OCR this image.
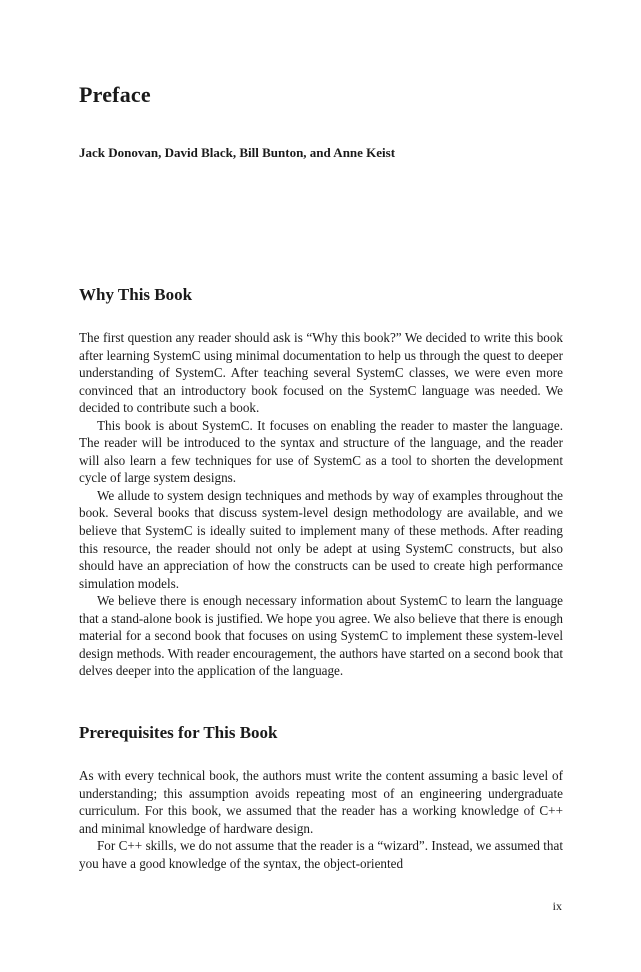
Preface

Jack Donovan, David Black, Bill Bunton, and Anne Keist

Why This Book

The first question any reader should ask is “Why this book?” We decided to write this book after learning SystemC using minimal documentation to help us through the quest to deeper understanding of SystemC. After teaching several SystemC classes, we were even more convinced that an introductory book focused on the SystemC language was needed. We decided to contribute such a book.

This book is about SystemC. It focuses on enabling the reader to master the language. The reader will be introduced to the syntax and structure of the language, and the reader will also learn a few techniques for use of SystemC as a tool to shorten the development cycle of large system designs.

We allude to system design techniques and methods by way of examples throughout the book. Several books that discuss system-level design methodology are available, and we believe that SystemC is ideally suited to implement many of these methods. After reading this resource, the reader should not only be adept at using SystemC constructs, but also should have an appreciation of how the constructs can be used to create high performance simulation models.

We believe there is enough necessary information about SystemC to learn the language that a stand-alone book is justified. We hope you agree. We also believe that there is enough material for a second book that focuses on using SystemC to implement these system-level design methods. With reader encouragement, the authors have started on a second book that delves deeper into the application of the language.

Prerequisites for This Book

As with every technical book, the authors must write the content assuming a basic level of understanding; this assumption avoids repeating most of an engineering undergraduate curriculum. For this book, we assumed that the reader has a working knowledge of C++ and minimal knowledge of hardware design.

For C++ skills, we do not assume that the reader is a “wizard”. Instead, we assumed that you have a good knowledge of the syntax, the object-oriented

ix
